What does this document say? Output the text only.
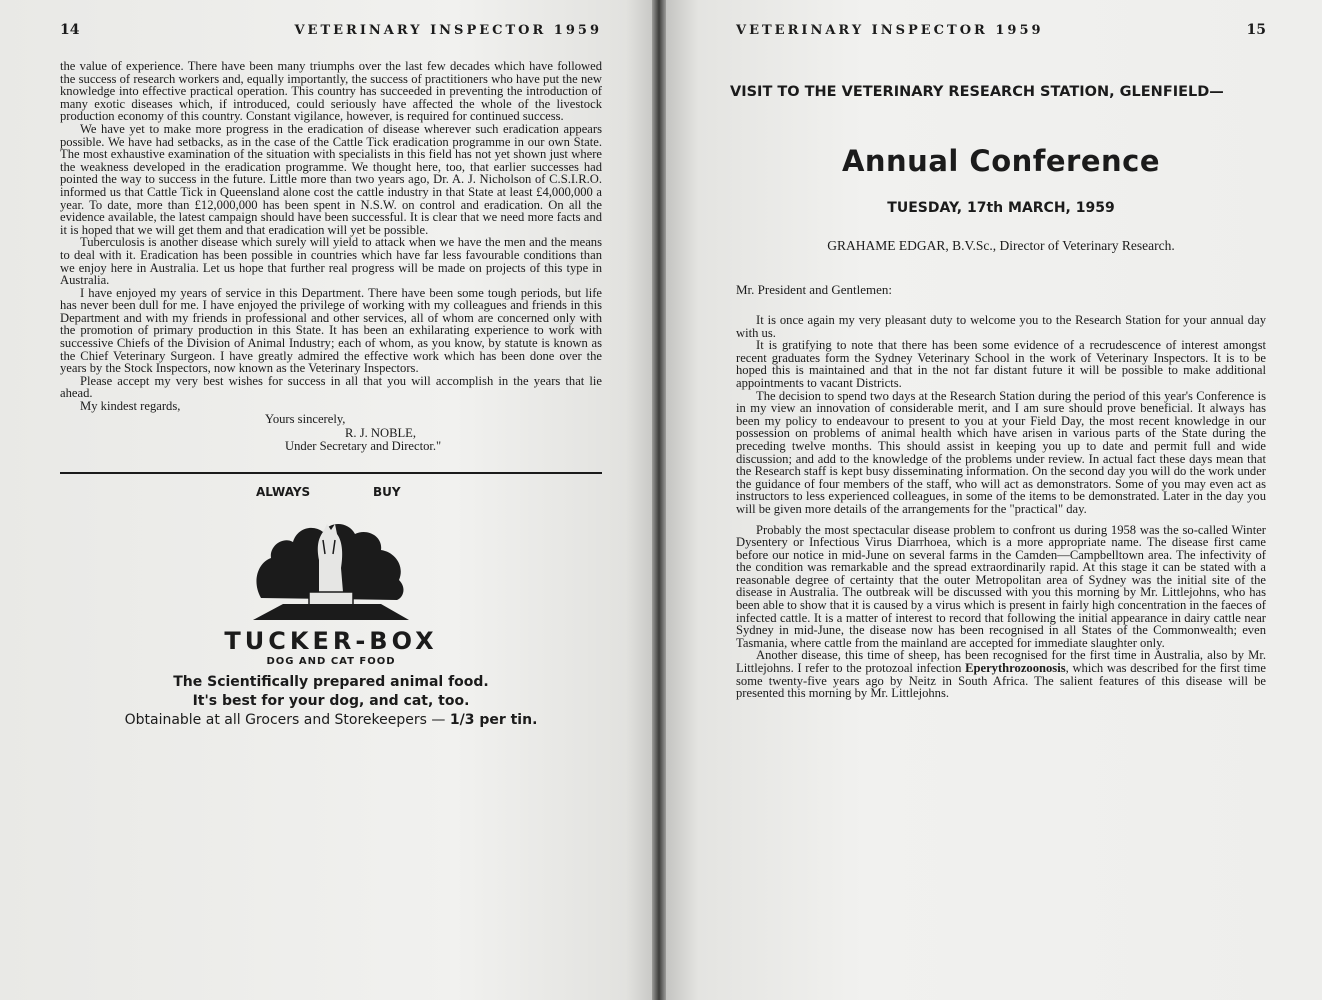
14	VETERINARY INSPECTOR 1959

the value of experience. There have been many triumphs over the last few decades which have followed the success of research workers and, equally importantly, the success of practitioners who have put the new knowledge into effective practical operation. This country has succeeded in preventing the introduction of many exotic diseases which, if introduced, could seriously have affected the whole of the livestock production economy of this country. Constant vigilance, however, is required for continued success.

We have yet to make more progress in the eradication of disease wherever such eradication appears possible. We have had setbacks, as in the case of the Cattle Tick eradication programme in our own State. The most exhaustive examination of the situation with specialists in this field has not yet shown just where the weakness developed in the eradication programme. We thought here, too, that earlier successes had pointed the way to success in the future. Little more than two years ago, Dr. A. J. Nicholson of C.S.I.R.O. informed us that Cattle Tick in Queensland alone cost the cattle industry in that State at least £4,000,000 a year. To date, more than £12,000,000 has been spent in N.S.W. on control and eradication. On all the evidence available, the latest campaign should have been successful. It is clear that we need more facts and it is hoped that we will get them and that eradication will yet be possible.

Tuberculosis is another disease which surely will yield to attack when we have the men and the means to deal with it. Eradication has been possible in countries which have far less favourable conditions than we enjoy here in Australia. Let us hope that further real progress will be made on projects of this type in Australia.

I have enjoyed my years of service in this Department. There have been some tough periods, but life has never been dull for me. I have enjoyed the privilege of working with my colleagues and friends in this Department and with my friends in professional and other services, all of whom are concerned only with the promotion of primary production in this State. It has been an exhilarating experience to work with successive Chiefs of the Division of Animal Industry; each of whom, as you know, by statute is known as the Chief Veterinary Surgeon. I have greatly admired the effective work which has been done over the years by the Stock Inspectors, now known as the Veterinary Inspectors.

Please accept my very best wishes for success in all that you will accomplish in the years that lie ahead.

My kindest regards,
Yours sincerely,
R. J. NOBLE,
Under Secretary and Director."
ALWAYS	BUY
TUCKER-BOX
DOG AND CAT FOOD
The Scientifically prepared animal food.
It's best for your dog, and cat, too.
Obtainable at all Grocers and Storekeepers — 1/3 per tin.
VETERINARY INSPECTOR 1959	15
VISIT TO THE VETERINARY RESEARCH STATION, GLENFIELD—
Annual Conference
TUESDAY, 17th MARCH, 1959
GRAHAME EDGAR, B.V.Sc., Director of Veterinary Research.
Mr. President and Gentlemen:

It is once again my very pleasant duty to welcome you to the Research Station for your annual day with us.

It is gratifying to note that there has been some evidence of a recrudescence of interest amongst recent graduates form the Sydney Veterinary School in the work of Veterinary Inspectors. It is to be hoped this is maintained and that in the not far distant future it will be possible to make additional appointments to vacant Districts.

The decision to spend two days at the Research Station during the period of this year's Conference is in my view an innovation of considerable merit, and I am sure should prove beneficial. It always has been my policy to endeavour to present to you at your Field Day, the most recent knowledge in our possession on problems of animal health which have arisen in various parts of the State during the preceding twelve months. This should assist in keeping you up to date and permit full and wide discussion; and add to the knowledge of the problems under review. In actual fact these days mean that the Research staff is kept busy disseminating information. On the second day you will do the work under the guidance of four members of the staff, who will act as demonstrators. Some of you may even act as instructors to less experienced colleagues, in some of the items to be demonstrated. Later in the day you will be given more details of the arrangements for the "practical" day.

Probably the most spectacular disease problem to confront us during 1958 was the so-called Winter Dysentery or Infectious Virus Diarrhoea, which is a more appropriate name. The disease first came before our notice in mid-June on several farms in the Camden—Campbelltown area. The infectivity of the condition was remarkable and the spread extraordinarily rapid. At this stage it can be stated with a reasonable degree of certainty that the outer Metropolitan area of Sydney was the initial site of the disease in Australia. The outbreak will be discussed with you this morning by Mr. Littlejohns, who has been able to show that it is caused by a virus which is present in fairly high concentration in the faeces of infected cattle. It is a matter of interest to record that following the initial appearance in dairy cattle near Sydney in mid-June, the disease now has been recognised in all States of the Commonwealth; even Tasmania, where cattle from the mainland are accepted for immediate slaughter only.

Another disease, this time of sheep, has been recognised for the first time in Australia, also by Mr. Littlejohns. I refer to the protozoal infection Eperythrozoonosis, which was described for the first time some twenty-five years ago by Neitz in South Africa. The salient features of this disease will be presented this morning by Mr. Littlejohns.
